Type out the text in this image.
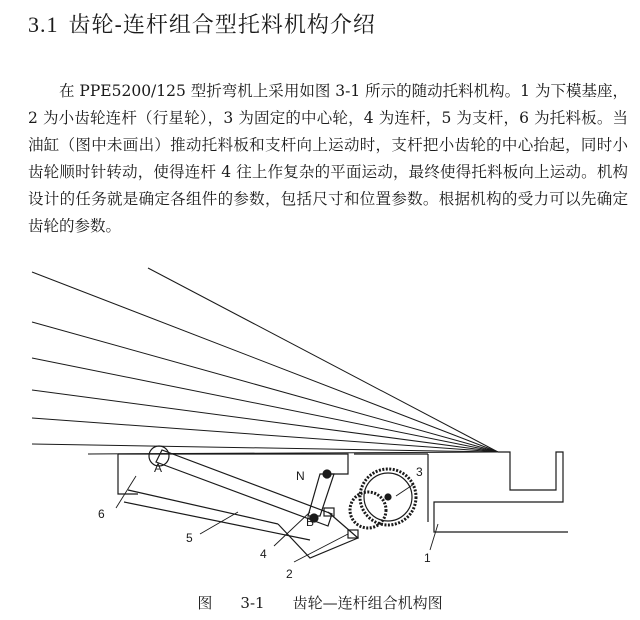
3.1 齿轮-连杆组合型托料机构介绍

在 PPE5200/125 型折弯机上采用如图 3-1 所示的随动托料机构。1 为下模基座，2 为小齿轮连杆（行星轮），3 为固定的中心轮，4 为连杆，5 为支杆，6 为托料板。当油缸（图中未画出）推动托料板和支杆向上运动时，支杆把小齿轮的中心抬起，同时小齿轮顺时针转动，使得连杆 4 往上作复杂的平面运动，最终使得托料板向上运动。机构设计的任务就是确定各组件的参数，包括尺寸和位置参数。根据机构的受力可以先确定齿轮的参数。

A
N
B
1
2
3
4
5
6
图 3-1 齿轮—连杆组合机构图
